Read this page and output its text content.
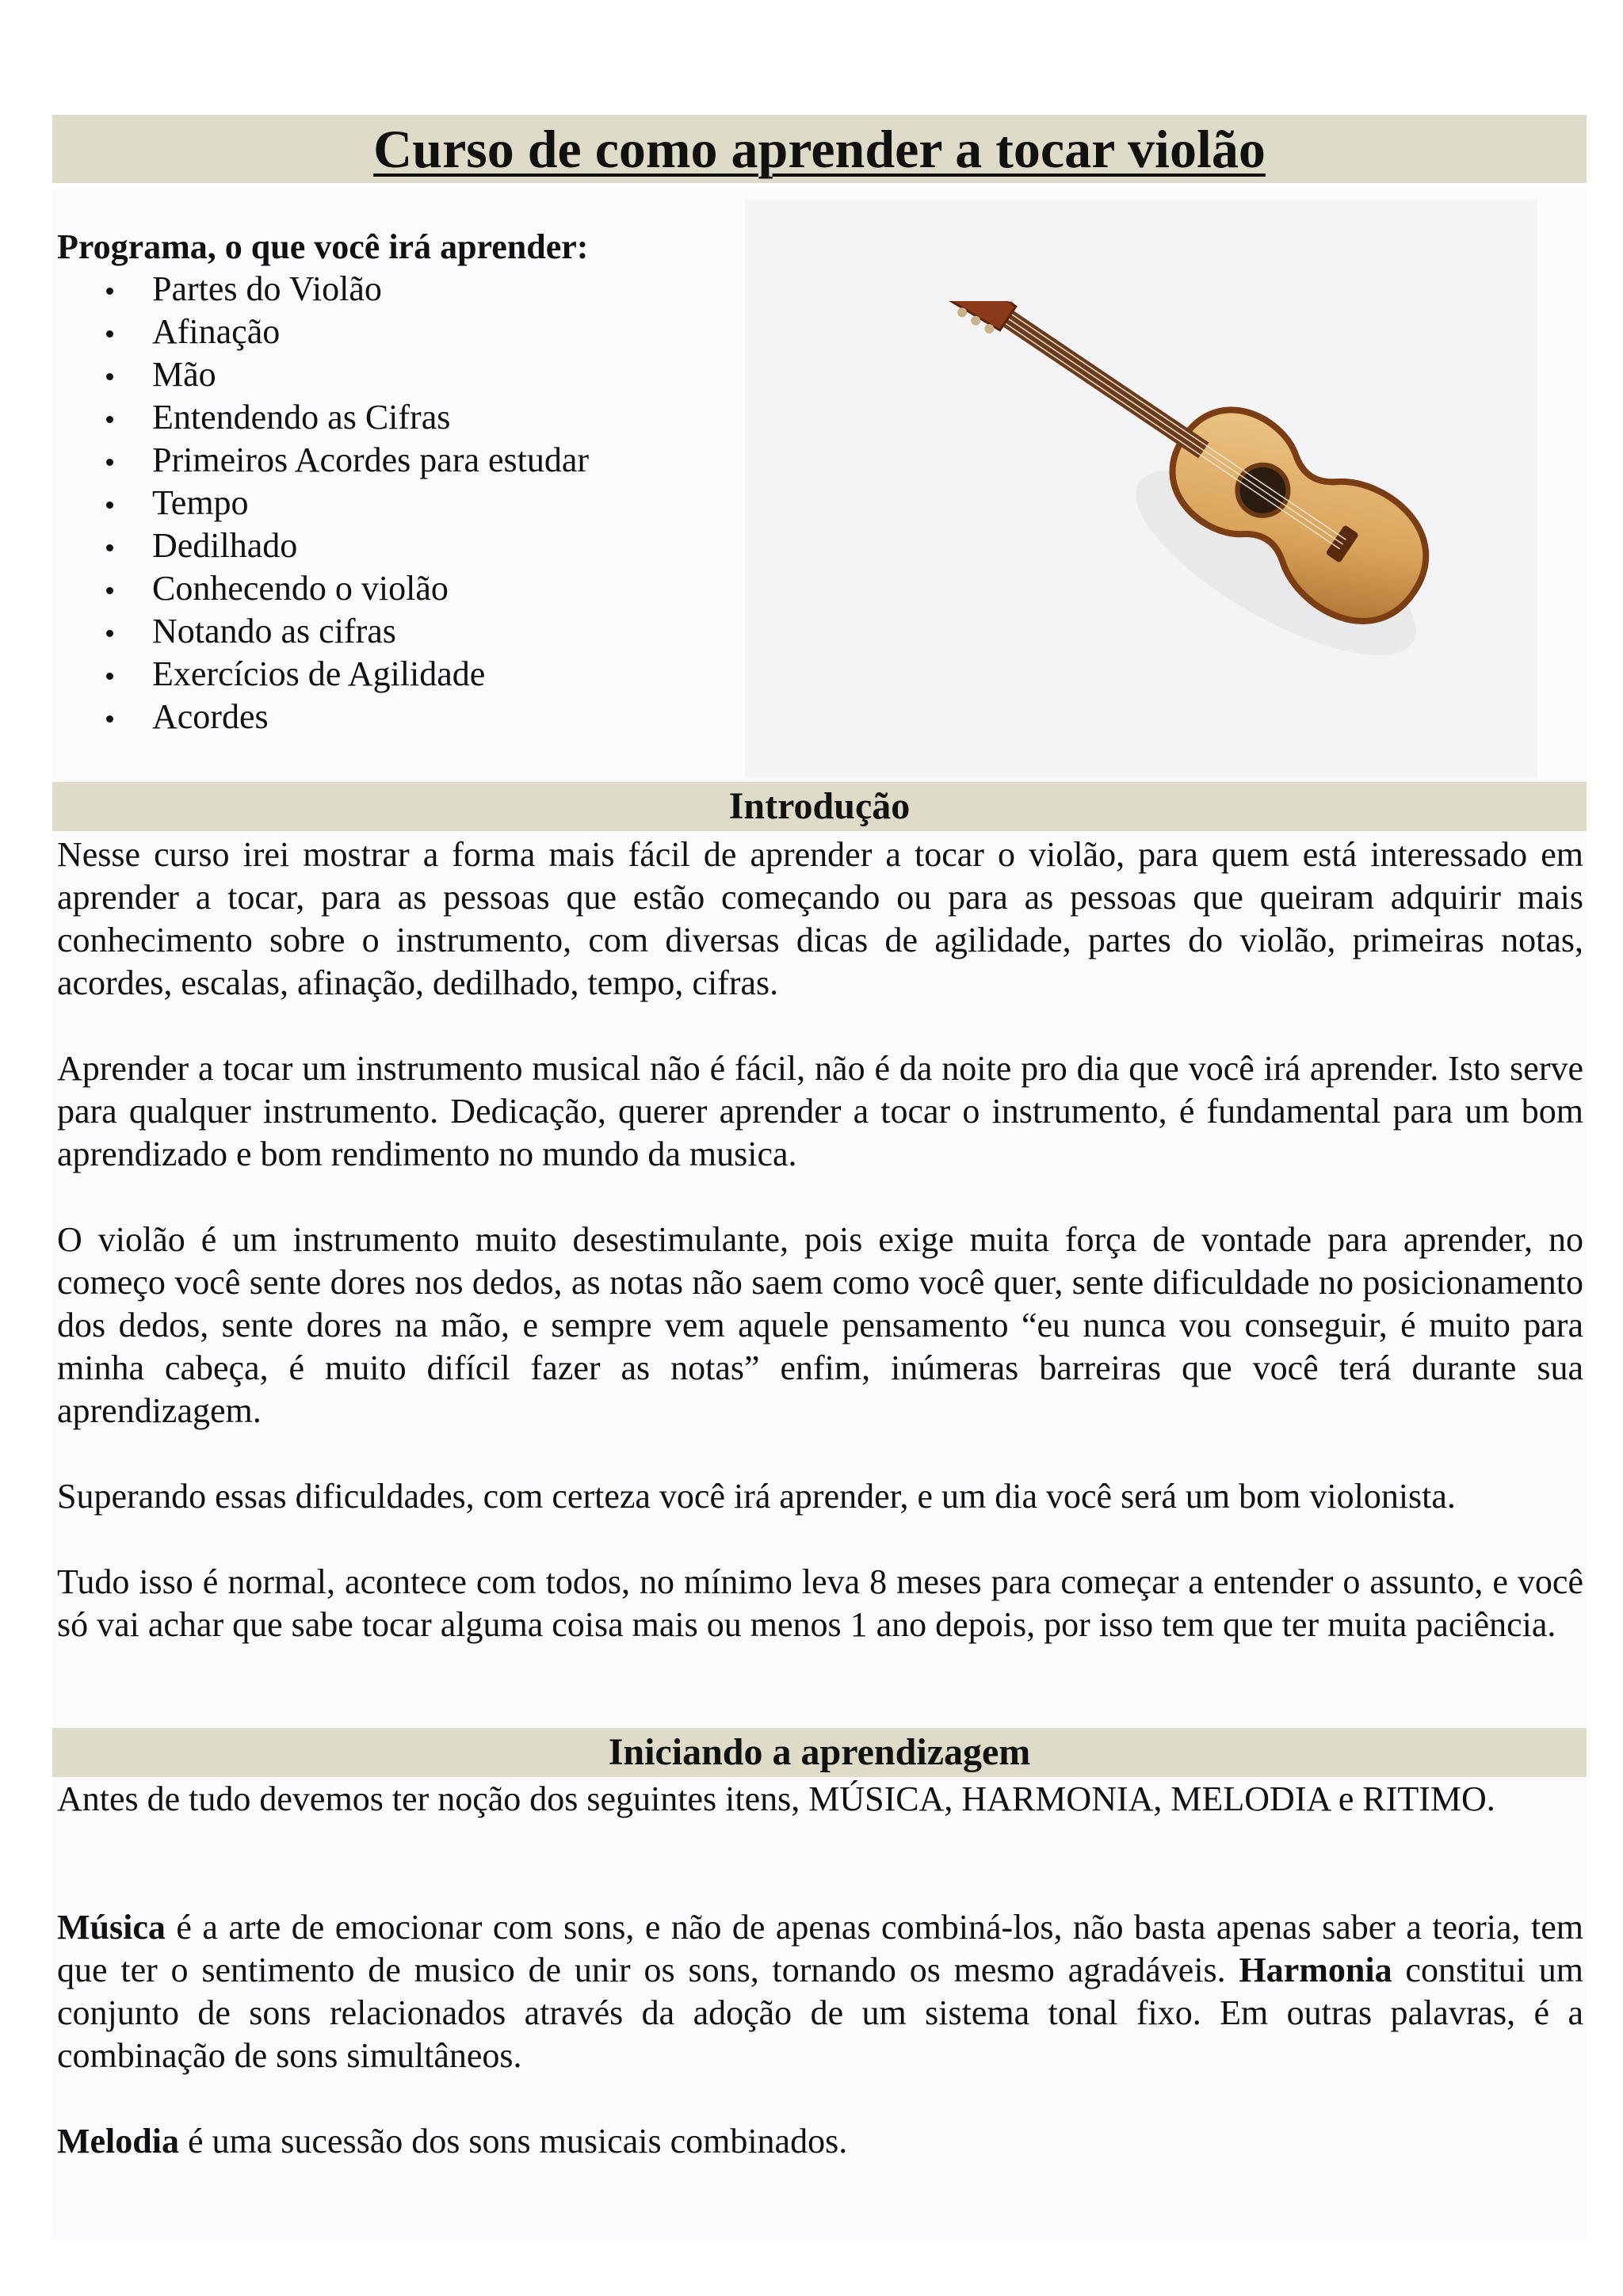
Curso de como aprender a tocar violão

Programa, o que você irá aprender:

Partes do Violão
Afinação
Mão
Entendendo as Cifras
Primeiros Acordes para estudar
Tempo
Dedilhado
Conhecendo o violão
Notando as cifras
Exercícios de Agilidade
Acordes
Introdução

Nesse curso irei mostrar a forma mais fácil de aprender a tocar o violão, para quem está interessado em aprender a tocar, para as pessoas que estão começando ou para as pessoas que queiram adquirir mais conhecimento sobre o instrumento, com diversas dicas de agilidade, partes do violão, primeiras notas, acordes, escalas, afinação, dedilhado, tempo, cifras.

Aprender a tocar um instrumento musical não é fácil, não é da noite pro dia que você irá aprender. Isto serve para qualquer instrumento. Dedicação, querer aprender a tocar o instrumento, é fundamental para um bom aprendizado e bom rendimento no mundo da musica.

O violão é um instrumento muito desestimulante, pois exige muita força de vontade para aprender, no começo você sente dores nos dedos, as notas não saem como você quer, sente dificuldade no posicionamento dos dedos, sente dores na mão, e sempre vem aquele pensamento “eu nunca vou conseguir, é muito para minha cabeça, é muito difícil fazer as notas” enfim, inúmeras barreiras que você terá durante sua aprendizagem.

Superando essas dificuldades, com certeza você irá aprender, e um dia você será um bom violonista.

Tudo isso é normal, acontece com todos, no mínimo leva 8 meses para começar a entender o assunto, e você só vai achar que sabe tocar alguma coisa mais ou menos 1 ano depois, por isso tem que ter muita paciência.

Iniciando a aprendizagem

Antes de tudo devemos ter noção dos seguintes itens, MÚSICA, HARMONIA, MELODIA e RITIMO.

Música é a arte de emocionar com sons, e não de apenas combiná-los, não basta apenas saber a teoria, tem que ter o sentimento de musico de unir os sons, tornando os mesmo agradáveis. Harmonia constitui um conjunto de sons relacionados através da adoção de um sistema tonal fixo. Em outras palavras, é a combinação de sons simultâneos.

Melodia é uma sucessão dos sons musicais combinados.
